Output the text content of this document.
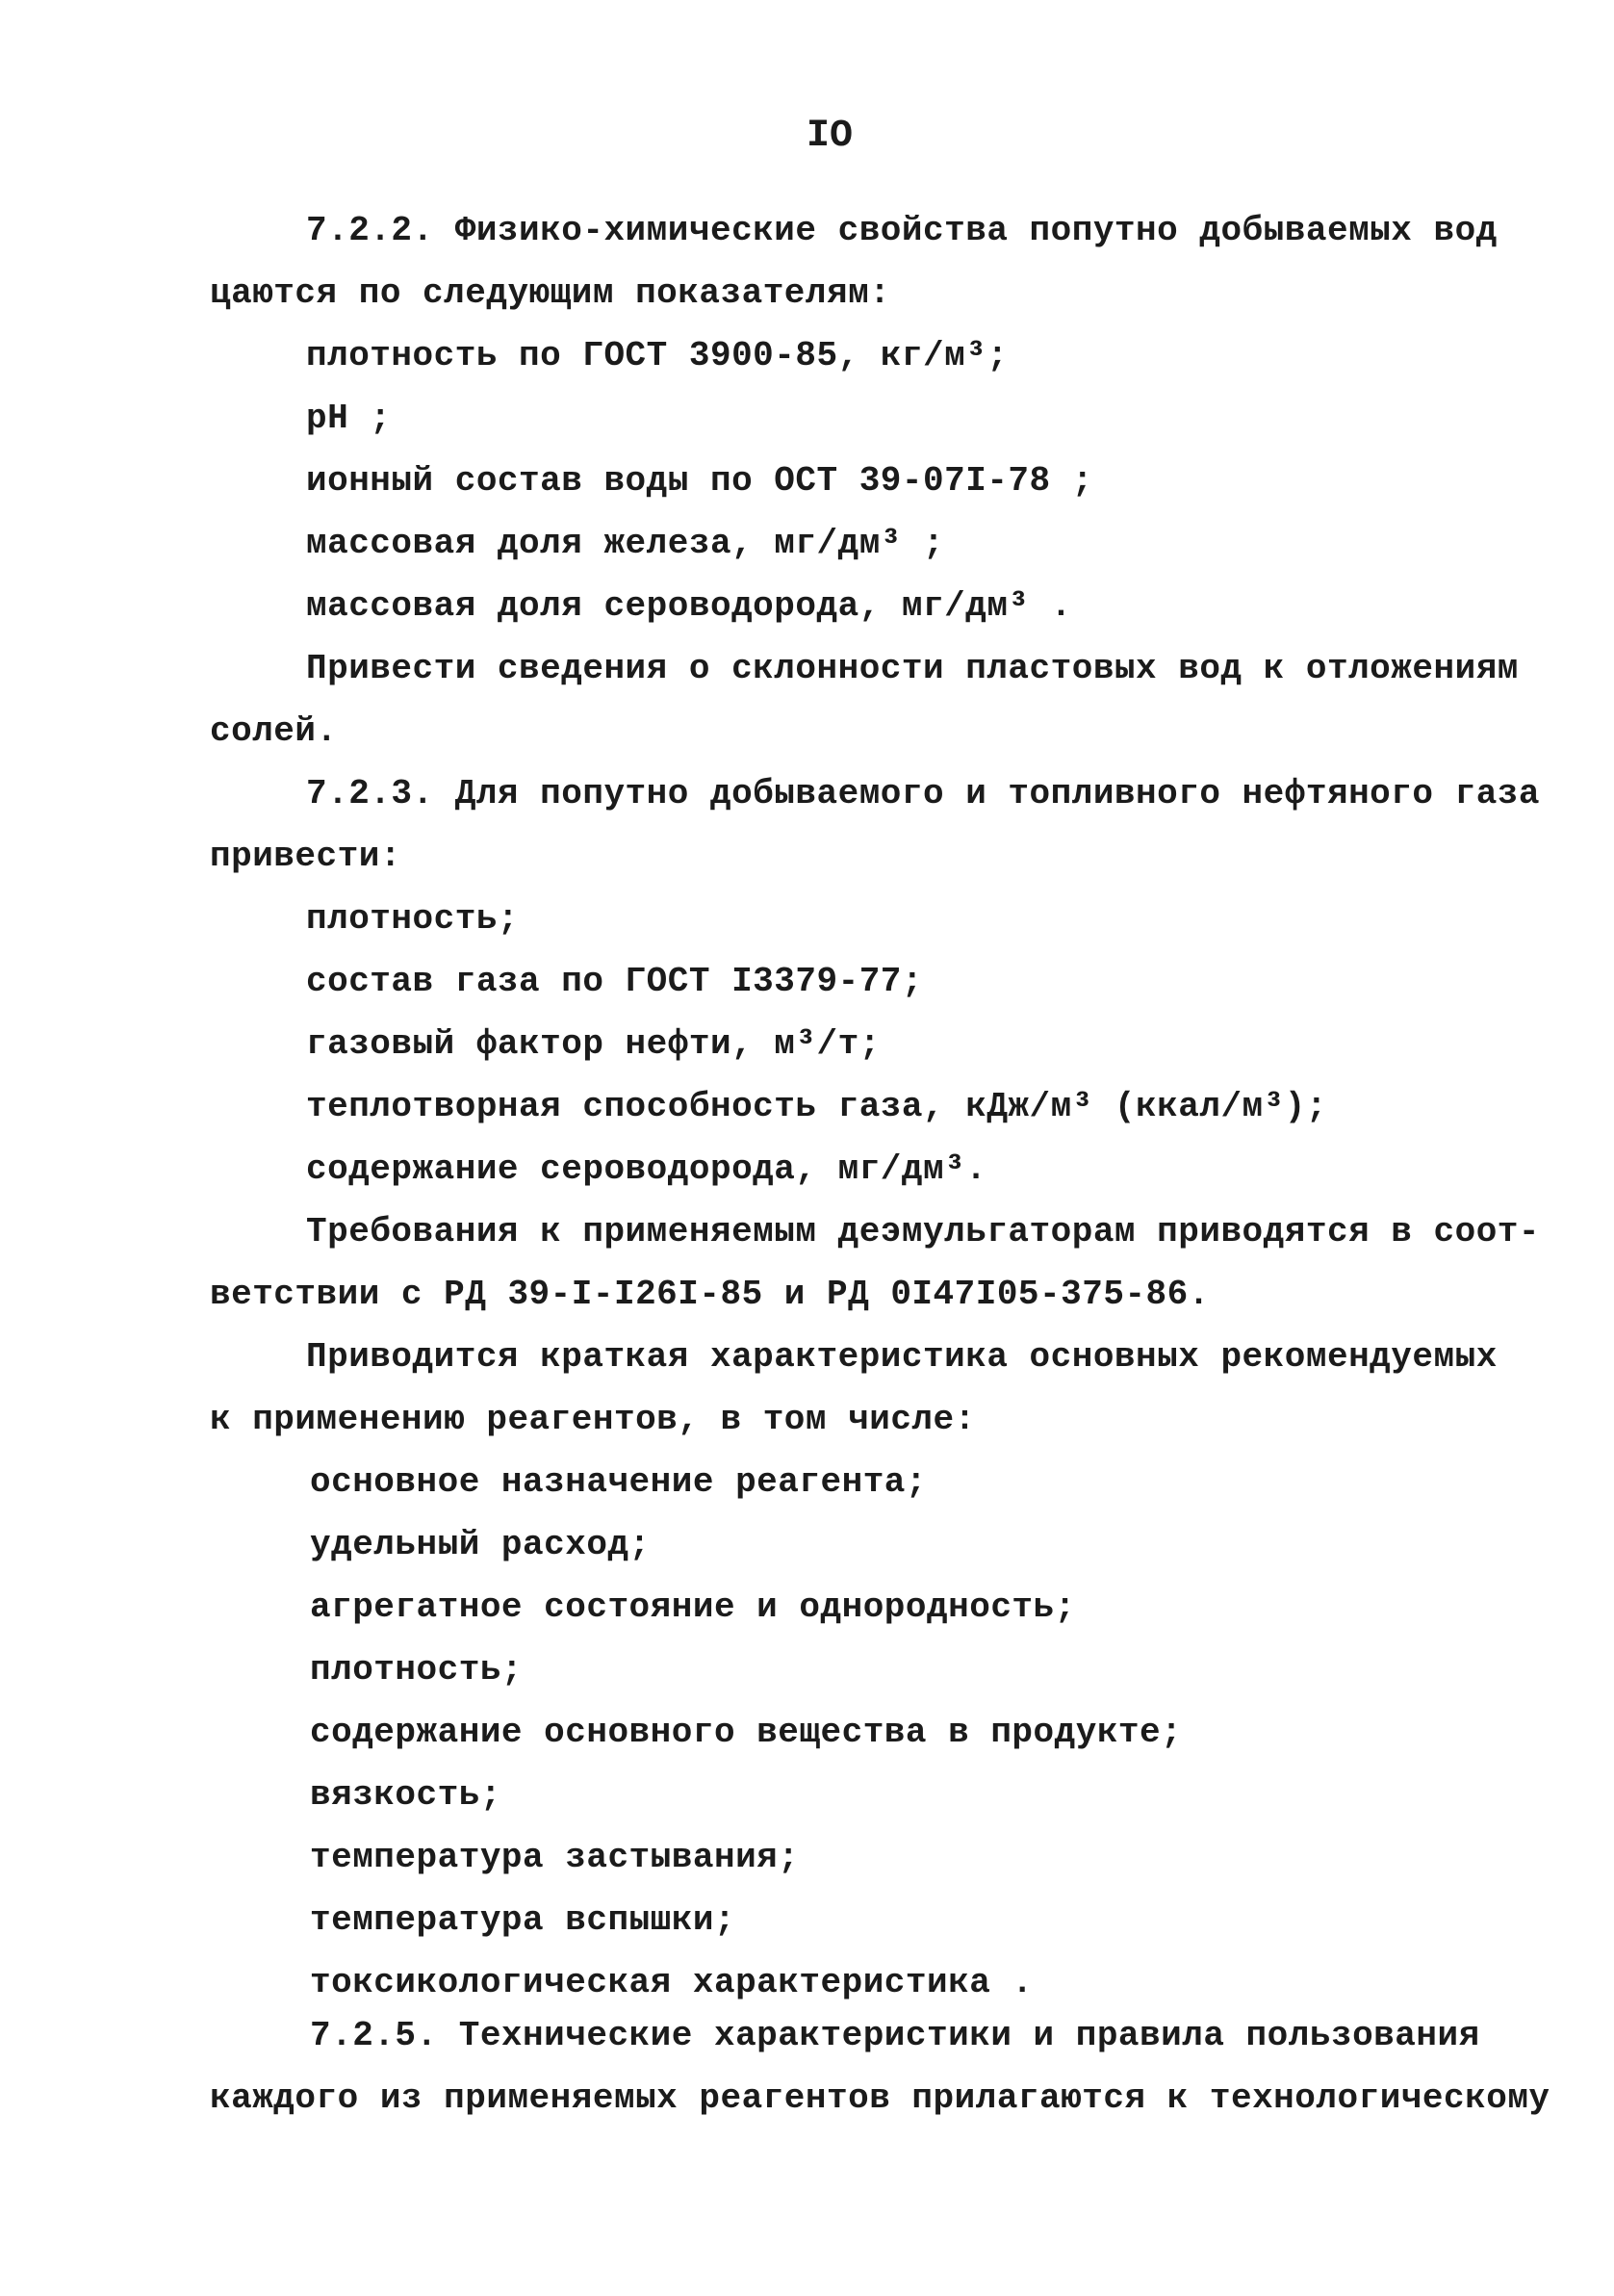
IO
7.2.2. Физико-химические свойства попутно добываемых вод
цаются по следующим показателям:
плотность по ГОСТ 3900-85, кг/м³;
pH ;
ионный состав воды по ОСТ 39-07I-78 ;
массовая доля железа, мг/дм³ ;
массовая доля сероводорода, мг/дм³ .
Привести сведения о склонности пластовых вод к отложениям
солей.
7.2.3. Для попутно добываемого и топливного нефтяного газа
привести:
плотность;
состав газа по ГОСТ I3379-77;
газовый фактор нефти, м³/т;
теплотворная способность газа, кДж/м³ (ккал/м³);
содержание сероводорода, мг/дм³.
Требования к применяемым деэмульгаторам приводятся в соот-
ветствии с РД 39-I-I26I-85 и РД 0I47I05-375-86.
Приводится краткая характеристика основных рекомендуемых
к применению реагентов, в том числе:
основное назначение реагента;
удельный расход;
агрегатное состояние и однородность;
плотность;
содержание основного вещества в продукте;
вязкость;
температура застывания;
температура вспышки;
токсикологическая характеристика .
7.2.5. Технические характеристики и правила пользования
каждого из применяемых реагентов прилагаются к технологическому
